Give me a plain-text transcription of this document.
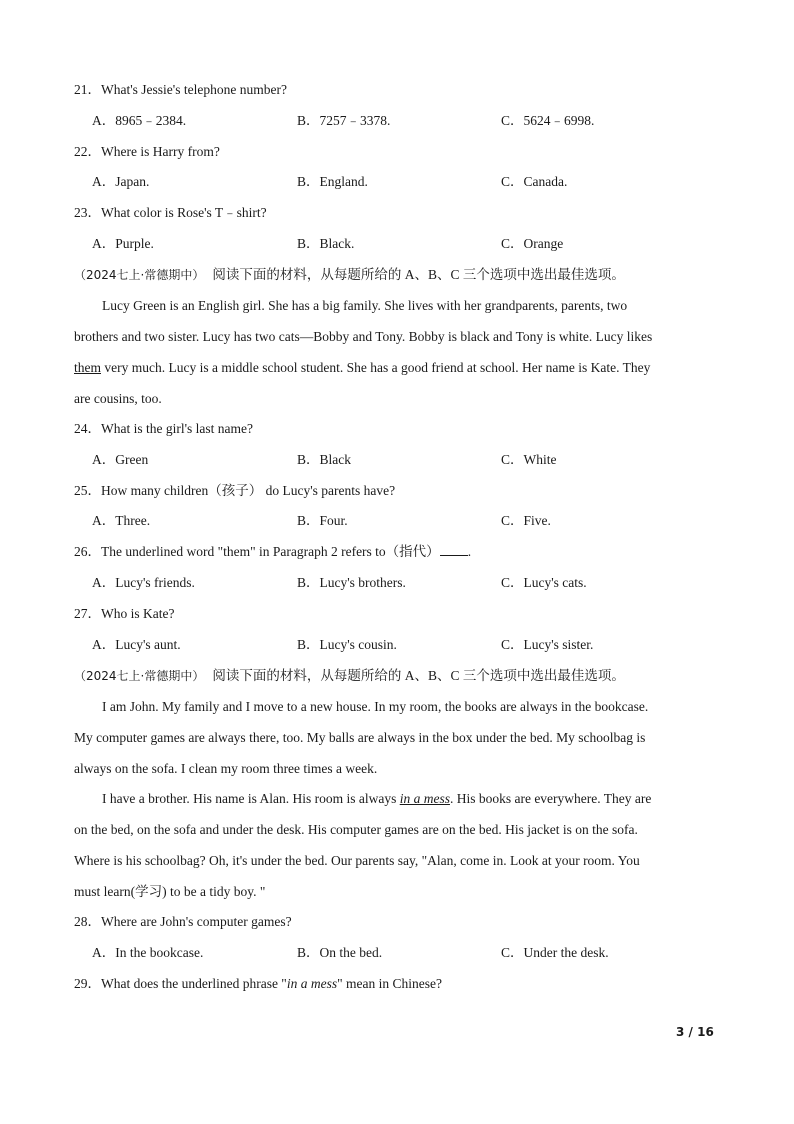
21．What's Jessie's telephone number?
A．8965﹣2384.	B．7257﹣3378.	C．5624﹣6998.
22．Where is Harry from?
A．Japan.	B．England.	C．Canada.
23．What color is Rose's T﹣shirt?
A．Purple.	B．Black.	C．Orange
（2024七上·常德期中） 阅读下面的材料，从每题所给的 A、B、C 三个选项中选出最佳选项。
Lucy Green is an English girl. She has a big family. She lives with her grandparents, parents, two
brothers and two sister. Lucy has two cats—Bobby and Tony. Bobby is black and Tony is white. Lucy likes
them very much. Lucy is a middle school student. She has a good friend at school. Her name is Kate. They
are cousins, too.
24．What is the girl's last name?
A．Green	B．Black	C．White
25．How many children（孩子） do Lucy's parents have?
A．Three.	B．Four.	C．Five.
26．The underlined word "them" in Paragraph 2 refers to（指代） .
A．Lucy's friends.	B．Lucy's brothers.	C．Lucy's cats.
27．Who is Kate?
A．Lucy's aunt.	B．Lucy's cousin.	C．Lucy's sister.
（2024七上·常德期中） 阅读下面的材料，从每题所给的 A、B、C 三个选项中选出最佳选项。
I am John. My family and I move to a new house. In my room, the books are always in the bookcase.
My computer games are always there, too. My balls are always in the box under the bed. My schoolbag is
always on the sofa. I clean my room three times a week.
I have a brother. His name is Alan. His room is always in a mess. His books are everywhere. They are
on the bed, on the sofa and under the desk. His computer games are on the bed. His jacket is on the sofa.
Where is his schoolbag? Oh, it's under the bed. Our parents say, "Alan, come in. Look at your room. You
must learn(学习) to be a tidy boy. "
28．Where are John's computer games?
A．In the bookcase.	B．On the bed.	C．Under the desk.
29．What does the underlined phrase "in a mess" mean in Chinese?
3 / 16
